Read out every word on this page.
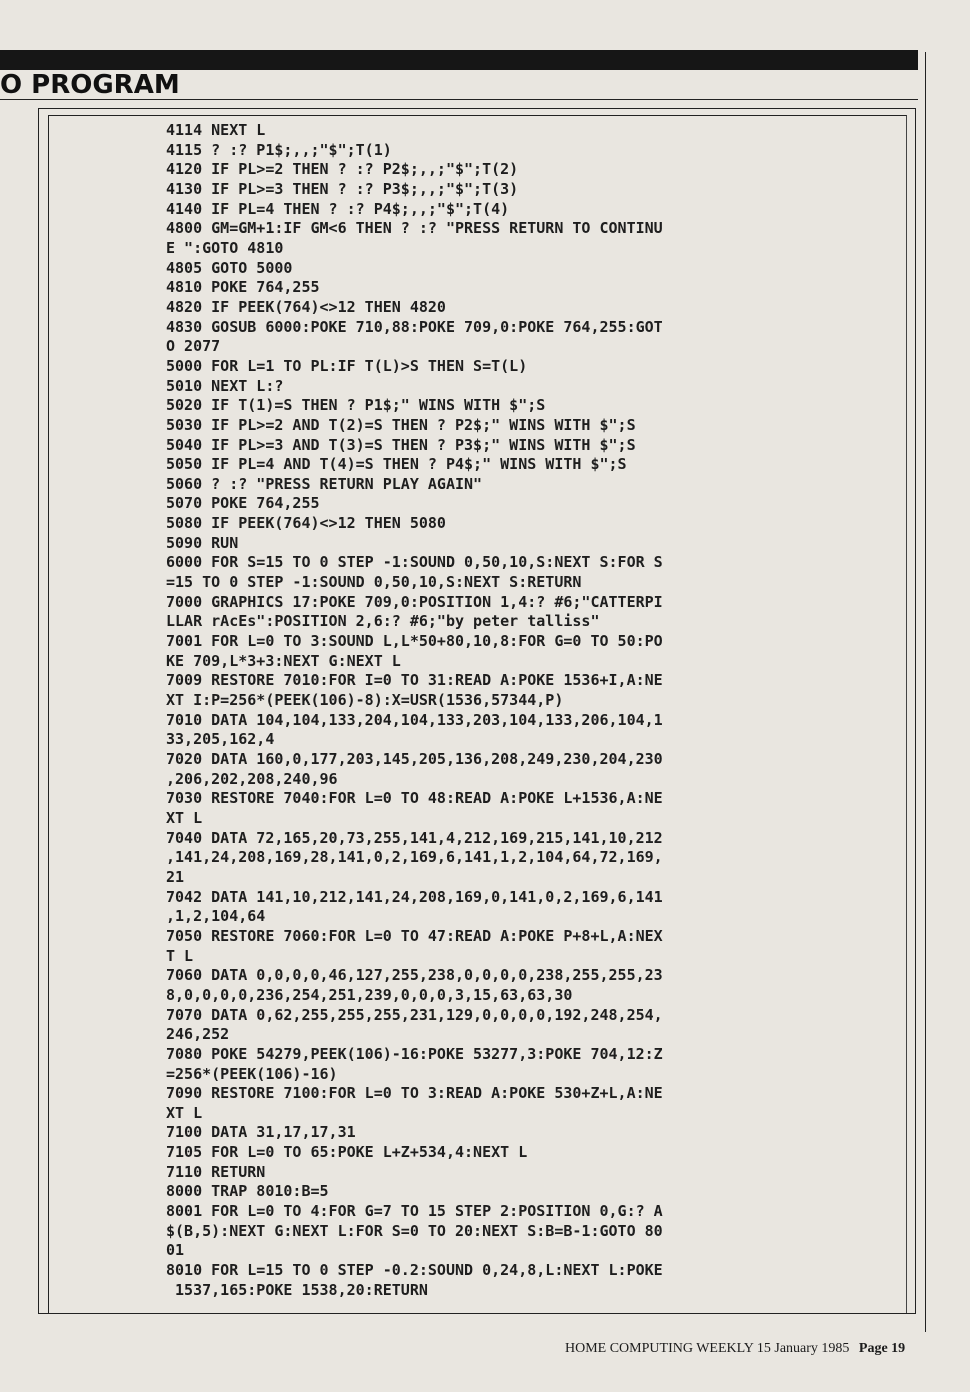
O PROGRAM
4114 NEXT L
4115 ? :? P1$;,,;"$";T(1)
4120 IF PL>=2 THEN ? :? P2$;,,;"$";T(2)
4130 IF PL>=3 THEN ? :? P3$;,,;"$";T(3)
4140 IF PL=4 THEN ? :? P4$;,,;"$";T(4)
4800 GM=GM+1:IF GM<6 THEN ? :? "PRESS RETURN TO CONTINU
E ":GOTO 4810
4805 GOTO 5000
4810 POKE 764,255
4820 IF PEEK(764)<>12 THEN 4820
4830 GOSUB 6000:POKE 710,88:POKE 709,0:POKE 764,255:GOT
O 2077
5000 FOR L=1 TO PL:IF T(L)>S THEN S=T(L)
5010 NEXT L:?
5020 IF T(1)=S THEN ? P1$;" WINS WITH $";S
5030 IF PL>=2 AND T(2)=S THEN ? P2$;" WINS WITH $";S
5040 IF PL>=3 AND T(3)=S THEN ? P3$;" WINS WITH $";S
5050 IF PL=4 AND T(4)=S THEN ? P4$;" WINS WITH $";S
5060 ? :? "PRESS RETURN PLAY AGAIN"
5070 POKE 764,255
5080 IF PEEK(764)<>12 THEN 5080
5090 RUN
6000 FOR S=15 TO 0 STEP -1:SOUND 0,50,10,S:NEXT S:FOR S
=15 TO 0 STEP -1:SOUND 0,50,10,S:NEXT S:RETURN
7000 GRAPHICS 17:POKE 709,0:POSITION 1,4:? #6;"CATTERPI
LLAR rAcEs":POSITION 2,6:? #6;"by peter talliss"
7001 FOR L=0 TO 3:SOUND L,L*50+80,10,8:FOR G=0 TO 50:PO
KE 709,L*3+3:NEXT G:NEXT L
7009 RESTORE 7010:FOR I=0 TO 31:READ A:POKE 1536+I,A:NE
XT I:P=256*(PEEK(106)-8):X=USR(1536,57344,P)
7010 DATA 104,104,133,204,104,133,203,104,133,206,104,1
33,205,162,4
7020 DATA 160,0,177,203,145,205,136,208,249,230,204,230
,206,202,208,240,96
7030 RESTORE 7040:FOR L=0 TO 48:READ A:POKE L+1536,A:NE
XT L
7040 DATA 72,165,20,73,255,141,4,212,169,215,141,10,212
,141,24,208,169,28,141,0,2,169,6,141,1,2,104,64,72,169,
21
7042 DATA 141,10,212,141,24,208,169,0,141,0,2,169,6,141
,1,2,104,64
7050 RESTORE 7060:FOR L=0 TO 47:READ A:POKE P+8+L,A:NEX
T L
7060 DATA 0,0,0,0,46,127,255,238,0,0,0,0,238,255,255,23
8,0,0,0,0,236,254,251,239,0,0,0,3,15,63,63,30
7070 DATA 0,62,255,255,255,231,129,0,0,0,0,192,248,254,
246,252
7080 POKE 54279,PEEK(106)-16:POKE 53277,3:POKE 704,12:Z
=256*(PEEK(106)-16)
7090 RESTORE 7100:FOR L=0 TO 3:READ A:POKE 530+Z+L,A:NE
XT L
7100 DATA 31,17,17,31
7105 FOR L=0 TO 65:POKE L+Z+534,4:NEXT L
7110 RETURN
8000 TRAP 8010:B=5
8001 FOR L=0 TO 4:FOR G=7 TO 15 STEP 2:POSITION 0,G:? A
$(B,5):NEXT G:NEXT L:FOR S=0 TO 20:NEXT S:B=B-1:GOTO 80
01
8010 FOR L=15 TO 0 STEP -0.2:SOUND 0,24,8,L:NEXT L:POKE
1537,165:POKE 1538,20:RETURN
HOME COMPUTING WEEKLY 15 January 1985 Page 19
